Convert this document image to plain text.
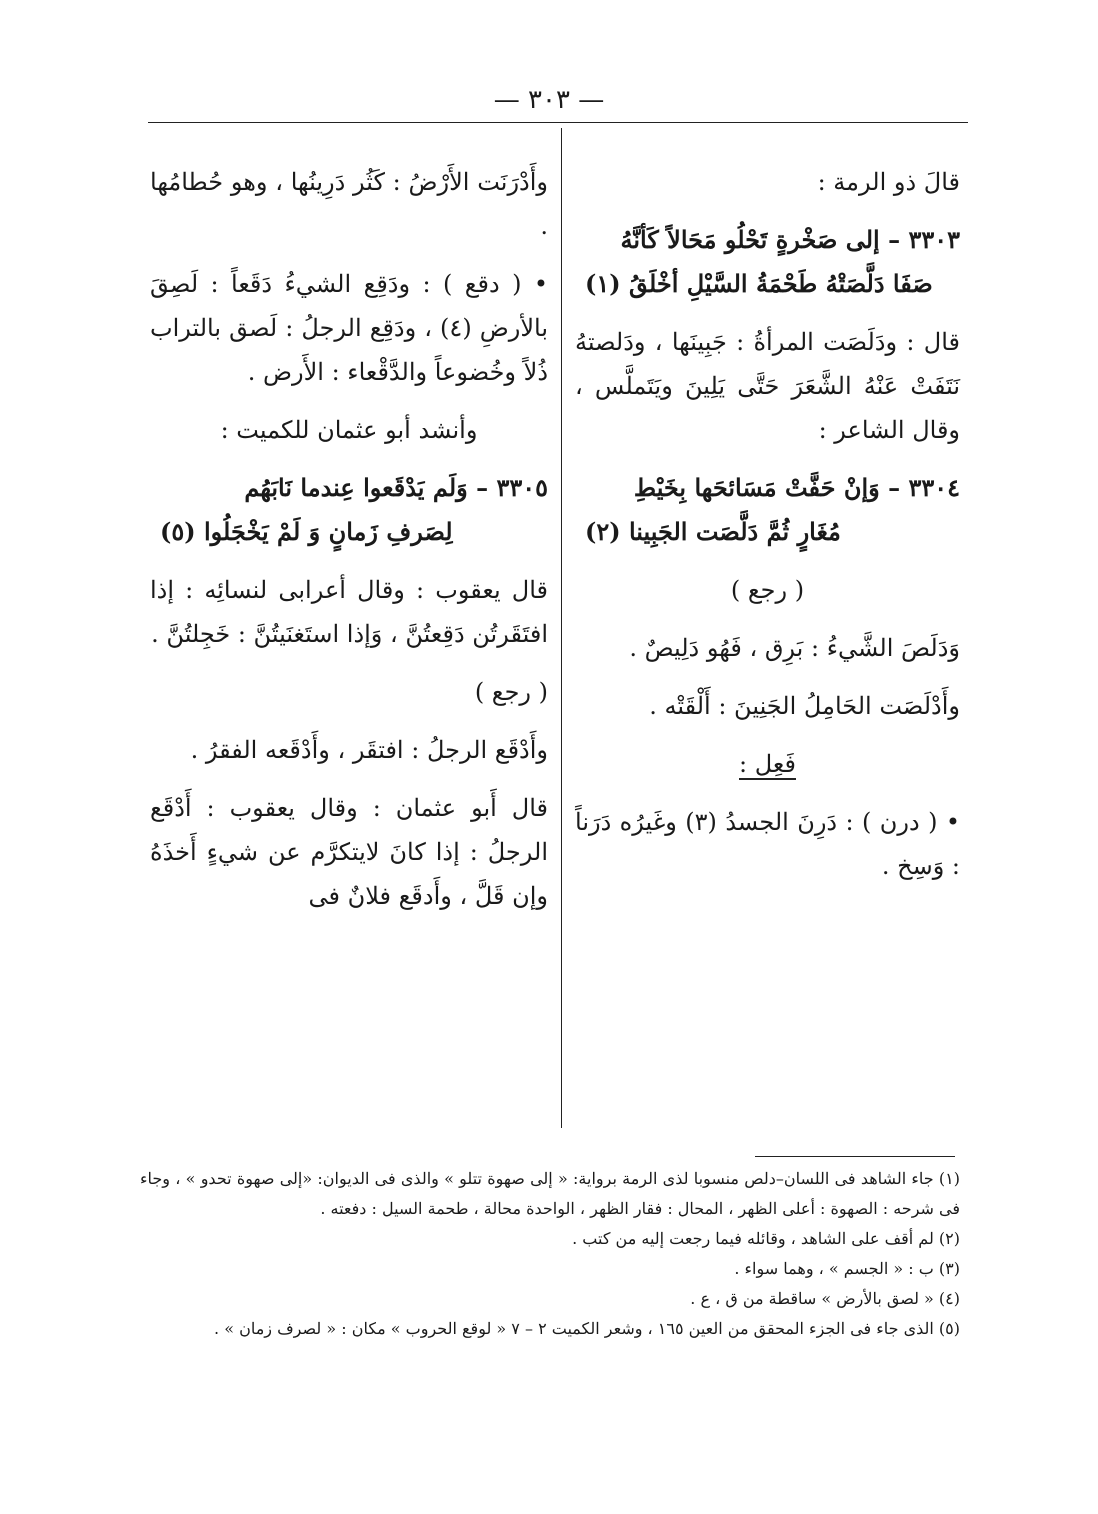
— ٣٠٣ —

قالَ ذو الرمة :

٣٣٠٣ – إلى صَخْرةٍ تَحْلُو مَحَالاً كَأنَّهُ
صَفَا دَلَّصَتْهُ طَحْمَةُ السَّيْلِ أخْلَقُ (١)

قال : ودَلَصَت المرأةُ : جَبِينَها ، ودَلصتهُ نَتَفَتْ عَنْهُ الشَّعَرَ حَتَّى يَلِينَ ويَتَملَّس ، وقال الشاعر :

٣٣٠٤ – وَإنْ حَفَّتْ مَسَائحَها بِخَيْطِ
مُغَارٍ ثُمَّ دَلَّصَت الجَبِينا (٢)

( رجع )

وَدَلَصَ الشَّيءُ : بَرِق ، فَهُو دَلِيصٌ .

وأَدْلَصَت الحَامِلُ الجَنِينَ : أَلْقَتْه .

فَعِل :

• ( درن ) : دَرِنَ الجسدُ (٣) وغَيرُه دَرَناً : وَسِخ .

وأَدْرَنَت الأَرْضُ : كَثُر دَرِينُها ، وهو حُطامُها .

• ( دقع ) : ودَقِع الشيءُ دَقَعاً : لَصِقَ بالأرضِ (٤) ، ودَقِع الرجلُ : لَصق بالتراب ذُلاً وخُضوعاً والدَّقْعاء : الأَرض .

وأنشد أبو عثمان للكميت :

٣٣٠٥ – وَلَم يَدْقَعوا عِندما نَابَهُم
لِصَرفِ زَمانٍ وَ لَمْ يَخْجَلُوا (٥)

قال يعقوب : وقال أعرابى لنسائِه : إذا افتَقَرتُن دَقِعتُنَّ ، وَإذا استَغنَيتُنَّ : خَجِلتُنَّ .

( رجع )

وأَدْقَع الرجلُ : افتقَر ، وأَدْقَعه الفقرُ .

قال أَبو عثمان : وقال يعقوب : أَدْقَع الرجلُ : إذا كانَ لايتكرَّم عن شيءٍ أَخذَهُ وإن قَلَّ ، وأَدقَع فلانٌ فى

(١) جاء الشاهد فى اللسان–دلص منسوبا لذى الرمة برواية: « إلى صهوة تتلو » والذى فى الديوان: «إلى صهوة تحدو » ، وجاء فى شرحه : الصهوة : أعلى الظهر ، المحال : فقار الظهر ، الواحدة محالة ، طحمة السيل : دفعته .
(٢) لم أقف على الشاهد ، وقائله فيما رجعت إليه من كتب .
(٣) ب : « الجسم » ، وهما سواء .
(٤) « لصق بالأرض » ساقطة من ق ، ع .
(٥) الذى جاء فى الجزء المحقق من العين ١٦٥ ، وشعر الكميت ٢ – ٧ « لوقع الحروب » مكان : « لصرف زمان » .
